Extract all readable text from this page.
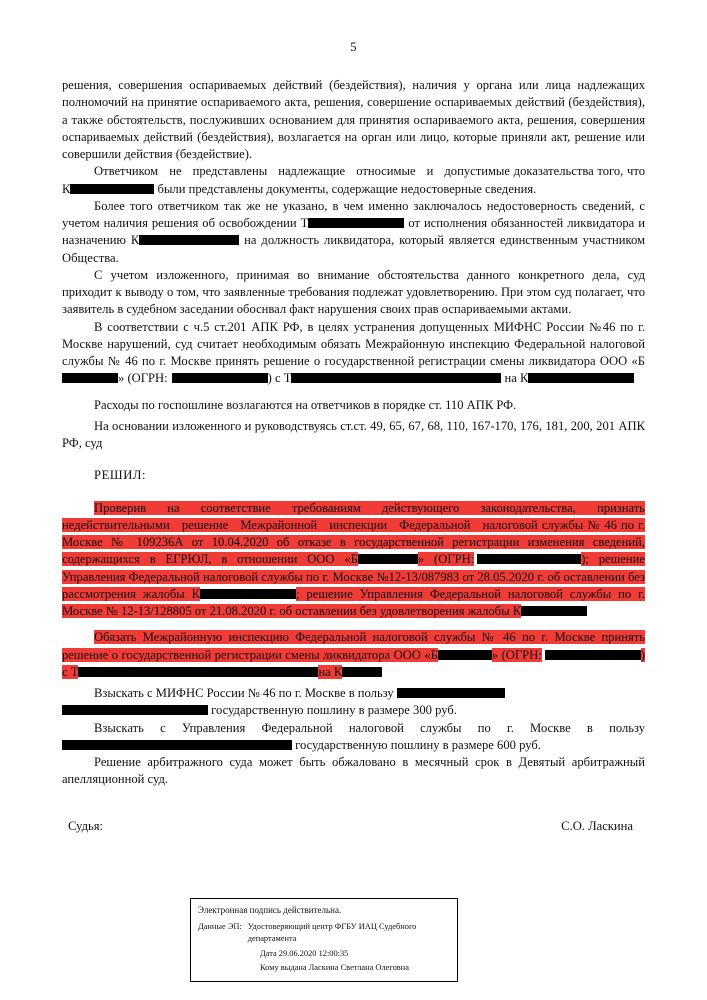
5

решения, совершения оспариваемых действий (бездействия), наличия у органа или лица надлежащих полномочий на принятие оспариваемого акта, решения, совершение оспариваемых действий (бездействия), а также обстоятельств, послуживших основанием для принятия оспариваемого акта, решения, совершения оспариваемых действий (бездействия), возлагается на орган или лицо, которые приняли акт, решение или совершили действия (бездействие).

Ответчиком   не   представлены   надлежащие   относимые   и   допустимые доказательства того, что К	были представлены документы, содержащие недостоверные сведения.

Более того ответчиком так же не указано, в чем именно заключалось недостоверность сведений, с учетом наличия решения об освобождении Т	от исполнения обязанностей ликвидатора и назначению К	на должность ликвидатора, который является единственным участником Общества.

С учетом изложенного, принимая во внимание обстоятельства данного конкретного дела, суд приходит к выводу о том, что заявленные требования подлежат удовлетворению. При этом суд полагает, что заявитель в судебном заседании обоснвал факт нарушения своих прав оспариваемыми актами.

В соответствии с ч.5 ст.201 АПК РФ, в целях устранения допущенных МИФНС России №46 по г. Москве нарушений, суд считает необходимым обязать Межрайонную инспекцию Федеральной налоговой службы № 46 по г. Москве принять решение о государственной регистрации смены ликвидатора ООО «Б» (ОГРН:	) с Т	на К

Расходы по госпошлине возлагаются на ответчиков в порядке ст. 110 АПК РФ.

На основании изложенного и руководствуясь ст.ст. 49, 65, 67, 68, 110, 167-170, 176, 181, 200, 201 АПК РФ, суд

РЕШИЛ:

Проверив на соответствие требованиям действующего законодательства, признать недействительными   решение   Межрайонной   инспекции   Федеральной   налоговой службы № 46 по г. Москве № 109236А от 10.04.2020 об отказе в государственной регистрации изменения сведений, содержащихся в ЕГРЮЛ, в отношении ООО «Б	» (ОГРН:	); решение Управления Федеральной налоговой службы по г. Москве №12-13/087983 от 28.05.2020 г. об оставлении без рассмотрения жалобы К	; решение Управления Федеральной налоговой службы по г. Москве № 12-13/128805 от 21.08.2020 г. об оставлении без удовлетворения жалобы К

Обязать Межрайонную инспекцию Федеральной налоговой службы № 46 по г. Москве принять решение о государственной регистрации смены ликвидатора ООО «Б	» (ОГРН:	) с Т	на К

Взыскать с МИФНС России № 46 по г. Москве в пользу
государственную пошлину в размере 300 руб.

Взыскать с Управления Федеральной налоговой службы по г. Москве в пользу  государственную пошлину в размере 600 руб.

Решение арбитражного суда может быть обжаловано в месячный срок в Девятый арбитражный апелляционной суд.

Судья:	С.О. Ласкина
Электронная подпись действительна.
Данные ЭП: Удостоверяющий центр ФГБУ ИАЦ Судебного департамента
Дата 29.06.2020 12:00:35
Кому выдана Ласкина Светлана Олеговна
